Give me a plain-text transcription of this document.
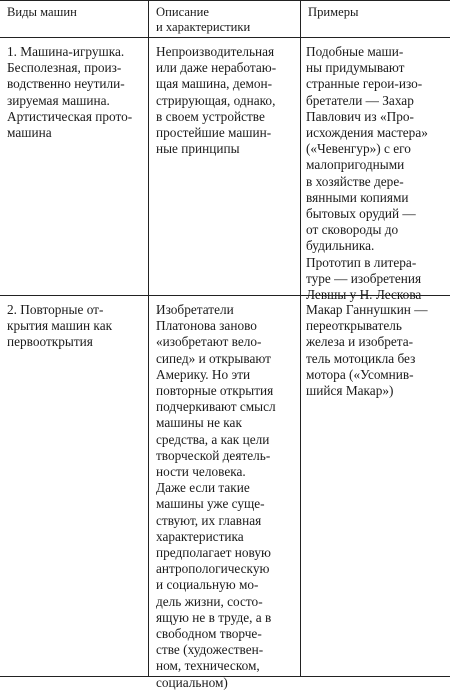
Виды машин	Описание
и характеристики
Примеры
1. Машина-игрушка.
Бесполезная, произ-
водственно неутили-
зируемая машина.
Артистическая прото-
машина
Непроизводительная
или даже неработаю-
щая машина, демон-
стрирующая, однако,
в своем устройстве
простейшие машин-
ные принципы
Подобные маши-
ны придумывают
странные герои-изо-
бретатели — Захар
Павлович из «Про-
исхождения мастера»
(«Чевенгур») с его
малопригодными
в хозяйстве дере-
вянными копиями
бытовых орудий —
от сковороды до
будильника.
Прототип в литера-
туре — изобретения
Левшы у Н. Лескова
2. Повторные от-
крытия машин как
первооткрытия
Изобретатели
Платонова заново
«изобретают вело-
сипед» и открывают
Америку. Но эти
повторные открытия
подчеркивают смысл
машины не как
средства, а как цели
творческой деятель-
ности человека.
Даже если такие
машины уже суще-
ствуют, их главная
характеристика
предполагает новую
антропологическую
и социальную мо-
дель жизни, состо-
ящую не в труде, а в
свободном творче-
стве (художествен-
ном, техническом,
социальном)
Макар Ганнушкин —
переоткрыватель
железа и изобрета-
тель мотоцикла без
мотора («Усомнив-
шийся Макар»)
